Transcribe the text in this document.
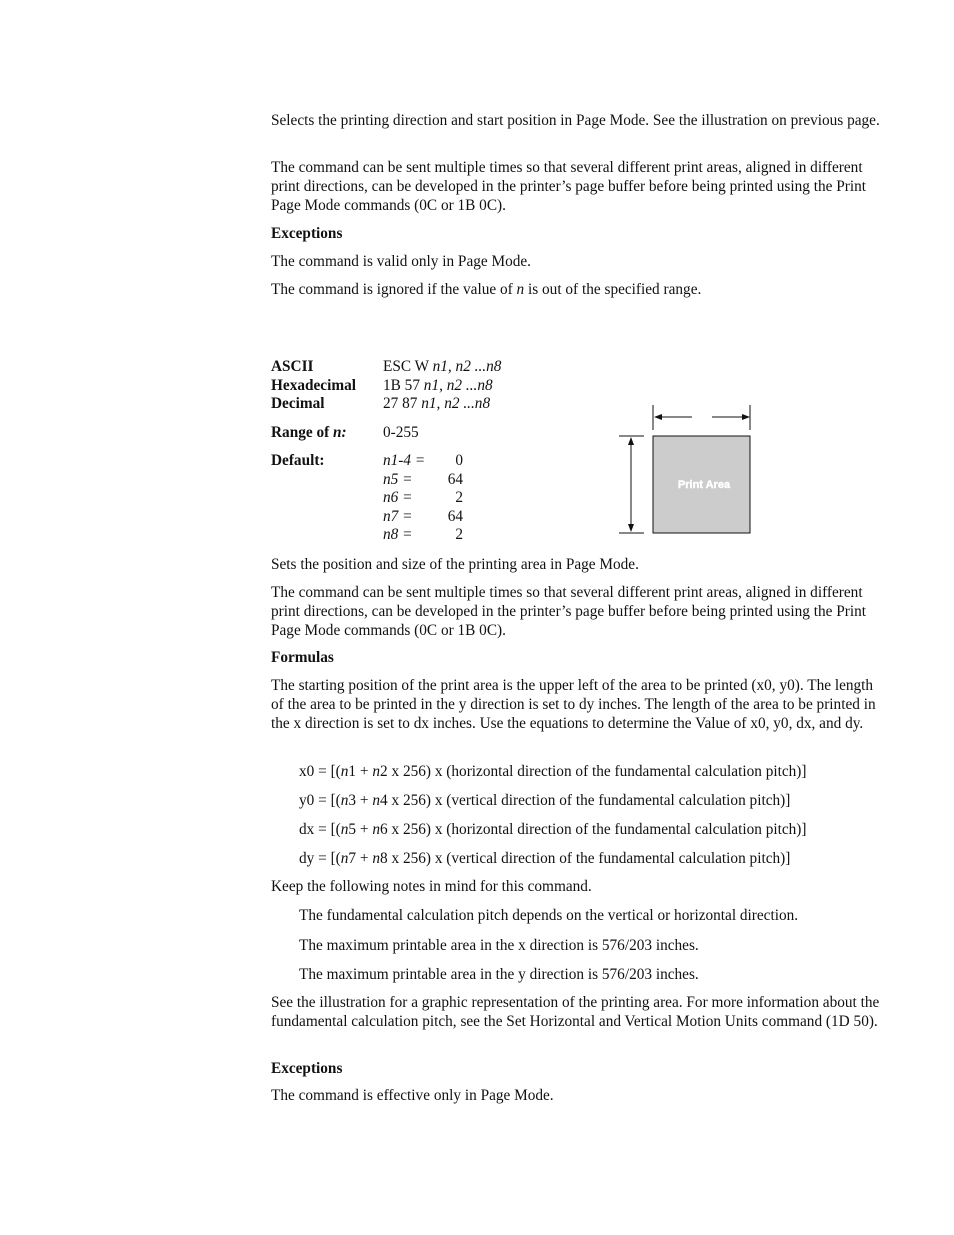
Selects the printing direction and start position in Page Mode. See the illustration on previous page.

The command can be sent multiple times so that several different print areas, aligned in different print directions, can be developed in the printer’s page buffer before being printed using the Print Page Mode commands (0C or 1B 0C).

Exceptions

The command is valid only in Page Mode.

The command is ignored if the value of n is out of the specified range.

ASCII	ESC W n1, n2 ...n8
Hexadecimal 1B 57 n1, n2 ...n8
Decimal	27 87 n1, n2 ...n8
Range of n: 0-255
Default:	n1-4 =	0
n5 =	64
n6 =	2
n7 =	64
n8 =	2
Print Area

Sets the position and size of the printing area in Page Mode.

The command can be sent multiple times so that several different print areas, aligned in different print directions, can be developed in the printer’s page buffer before being printed using the Print Page Mode commands (0C or 1B 0C).

Formulas

The starting position of the print area is the upper left of the area to be printed (x0, y0). The length of the area to be printed in the y direction is set to dy inches. The length of the area to be printed in the x direction is set to dx inches. Use the equations to determine the Value of x0, y0, dx, and dy.

x0 = [(n1 + n2 x 256) x (horizontal direction of the fundamental calculation pitch)]

y0 = [(n3 + n4 x 256) x (vertical direction of the fundamental calculation pitch)]

dx = [(n5 + n6 x 256) x (horizontal direction of the fundamental calculation pitch)]

dy = [(n7 + n8 x 256) x (vertical direction of the fundamental calculation pitch)]

Keep the following notes in mind for this command.

The fundamental calculation pitch depends on the vertical or horizontal direction.

The maximum printable area in the x direction is 576/203 inches.

The maximum printable area in the y direction is 576/203 inches.

See the illustration for a graphic representation of the printing area. For more information about the fundamental calculation pitch, see the Set Horizontal and Vertical Motion Units command (1D 50).

Exceptions

The command is effective only in Page Mode.
